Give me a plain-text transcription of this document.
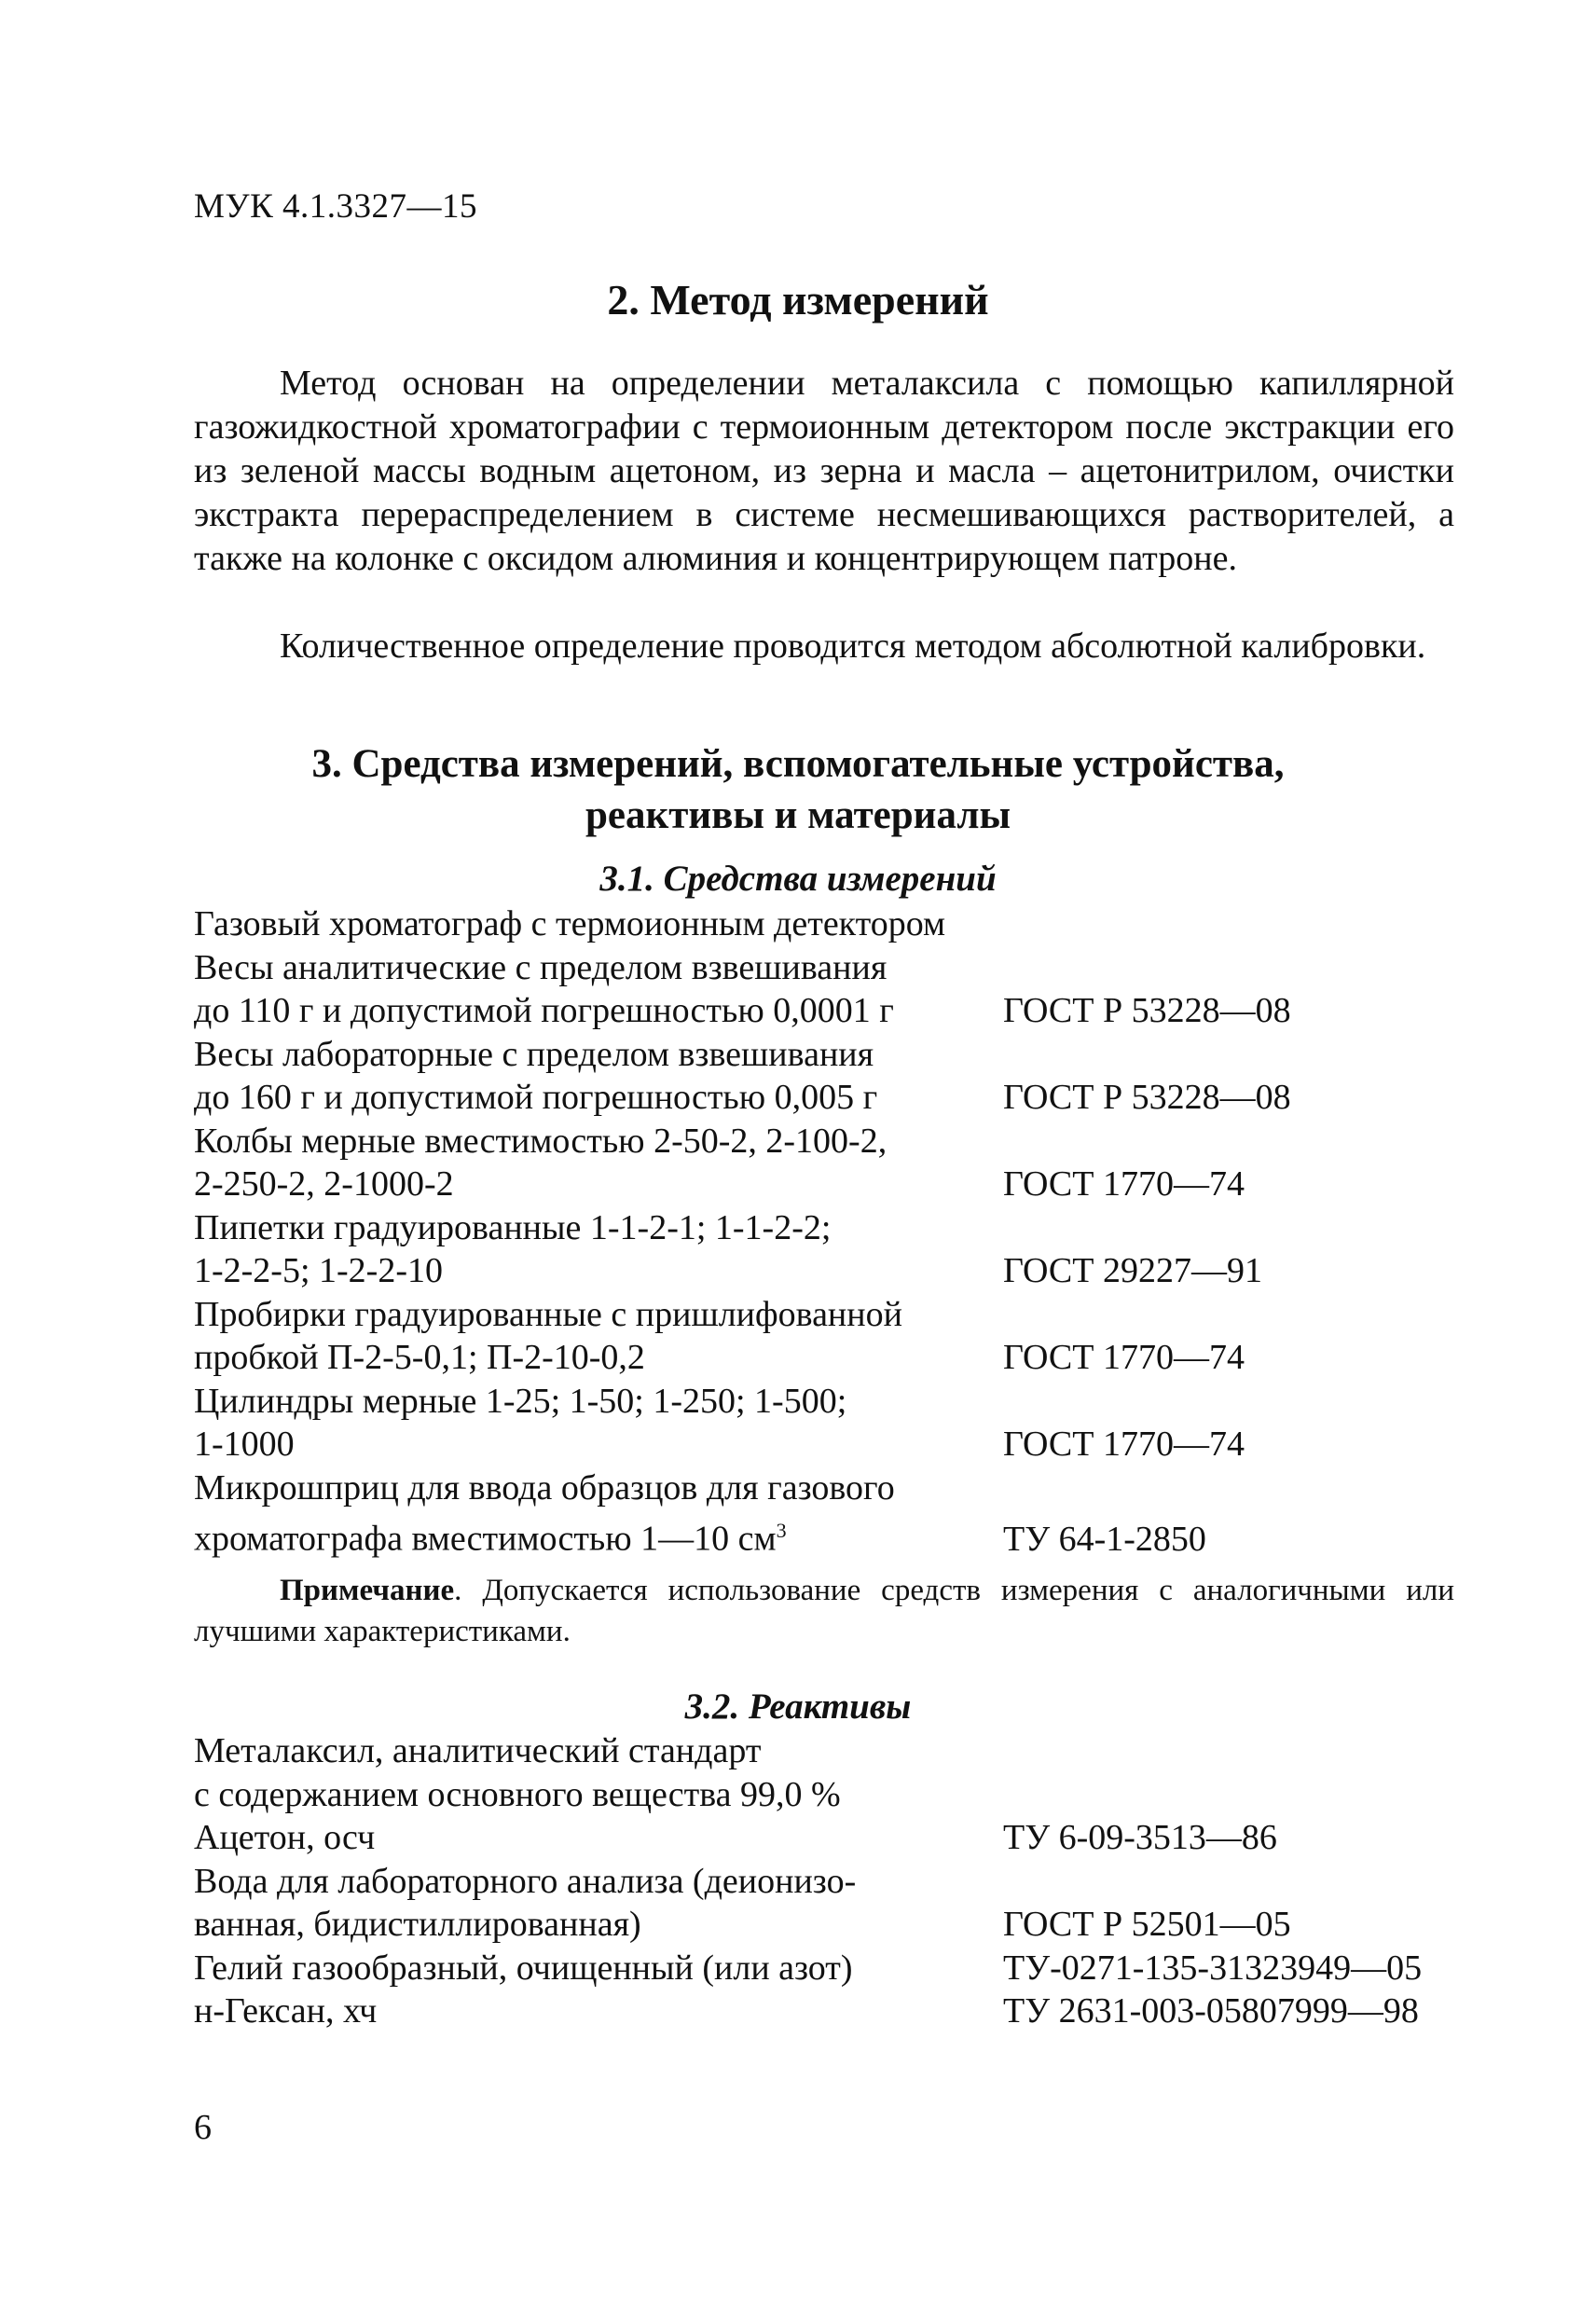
МУК 4.1.3327—15
2. Метод измерений
Метод основан на определении металаксила с помощью капиллярной газожидкостной хроматографии с термоионным детектором после экстракции его из зеленой массы водным ацетоном, из зерна и масла – ацетонитрилом, очистки экстракта перераспределением в системе несмешивающихся растворителей, а также на колонке с оксидом алюминия и концентрирующем патроне.
Количественное определение проводится методом абсолютной калибровки.
3. Средства измерений, вспомогательные устройства,
реактивы и материалы
3.1. Средства измерений
Газовый хроматограф с термоионным детектором
Весы аналитические с пределом взвешивания
до 110 г и допустимой погрешностью 0,0001 г	ГОСТ Р 53228—08
Весы лабораторные с пределом взвешивания
до 160 г и допустимой погрешностью 0,005 г	ГОСТ Р 53228—08
Колбы мерные вместимостью 2-50-2, 2-100-2,
2-250-2, 2-1000-2	ГОСТ 1770—74
Пипетки градуированные 1-1-2-1; 1-1-2-2;
1-2-2-5; 1-2-2-10	ГОСТ 29227—91
Пробирки градуированные с пришлифованной
пробкой П-2-5-0,1; П-2-10-0,2	ГОСТ 1770—74
Цилиндры мерные 1-25; 1-50; 1-250; 1-500;
1-1000	ГОСТ 1770—74
Микрошприц для ввода образцов для газового
хроматографа вместимостью 1—10 $см^3$	ТУ 64-1-2850
Примечание. Допускается использование средств измерения с аналогичными или лучшими характеристиками.
3.2. Реактивы
Металаксил, аналитический стандарт
с содержанием основного вещества 99,0 %
Ацетон, осч	ТУ 6-09-3513—86
Вода для лабораторного анализа (деионизо-
ванная, бидистиллированная)	ГОСТ Р 52501—05
Гелий газообразный, очищенный (или азот)	ТУ-0271-135-31323949—05
н-Гексан, хч	ТУ 2631-003-05807999—98
6
